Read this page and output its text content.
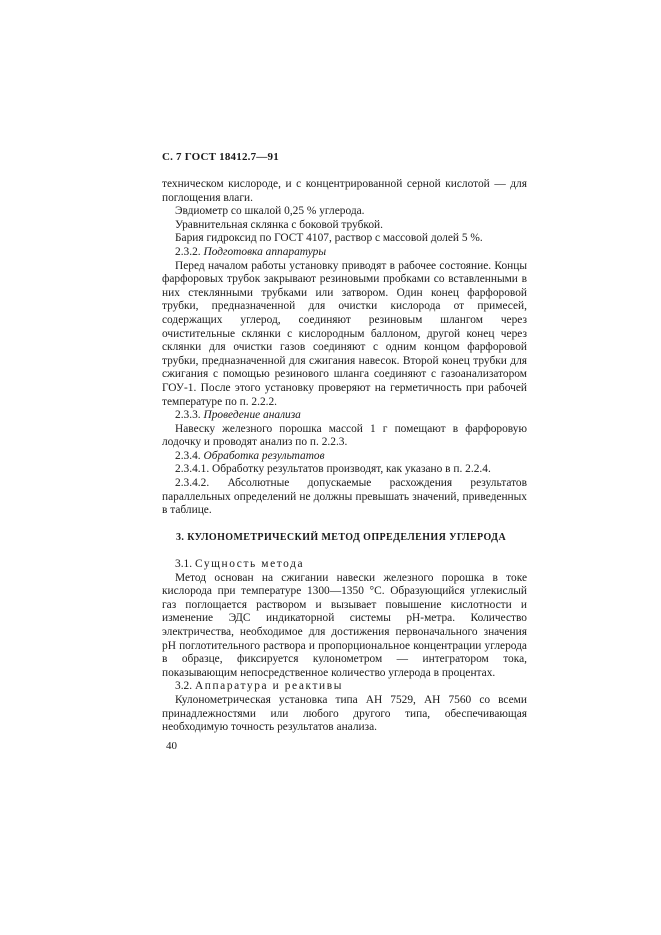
С. 7 ГОСТ 18412.7—91

техническом кислороде, и с концентрированной серной кислотой — для поглощения влаги.

Эвдиометр со шкалой 0,25 % углерода.

Уравнительная склянка с боковой трубкой.

Бария гидроксид по ГОСТ 4107, раствор с массовой долей 5 %.

2.3.2. Подготовка аппаратуры

Перед началом работы установку приводят в рабочее состояние. Концы фарфоровых трубок закрывают резиновыми пробками со вставленными в них стеклянными трубками или затвором. Один конец фарфоровой трубки, предназначенной для очистки кислорода от примесей, содержащих углерод, соединяют резиновым шлангом через очистительные склянки с кислородным баллоном, другой конец через склянки для очистки газов соединяют с одним концом фарфоровой трубки, предназначенной для сжигания навесок. Второй конец трубки для сжигания с помощью резинового шланга соединяют с газоанализатором ГОУ-1. После этого установку проверяют на герметичность при рабочей температуре по п. 2.2.2.

2.3.3. Проведение анализа

Навеску железного порошка массой 1 г помещают в фарфоровую лодочку и проводят анализ по п. 2.2.3.

2.3.4. Обработка результатов

2.3.4.1. Обработку результатов производят, как указано в п. 2.2.4.

2.3.4.2. Абсолютные допускаемые расхождения результатов параллельных определений не должны превышать значений, приведенных в таблице.

3. КУЛОНОМЕТРИЧЕСКИЙ МЕТОД ОПРЕДЕЛЕНИЯ УГЛЕРОДА

3.1. Сущность метода

Метод основан на сжигании навески железного порошка в токе кислорода при температуре 1300—1350 °С. Образующийся углекислый газ поглощается раствором и вызывает повышение кислотности и изменение ЭДС индикаторной системы рН-метра. Количество электричества, необходимое для достижения первоначального значения рН поглотительного раствора и пропорциональное концентрации углерода в образце, фиксируется кулонометром — интегратором тока, показывающим непосредственное количество углерода в процентах.

3.2. Аппаратура и реактивы

Кулонометрическая установка типа АН 7529, АН 7560 со всеми принадлежностями или любого другого типа, обеспечивающая необходимую точность результатов анализа.

40
